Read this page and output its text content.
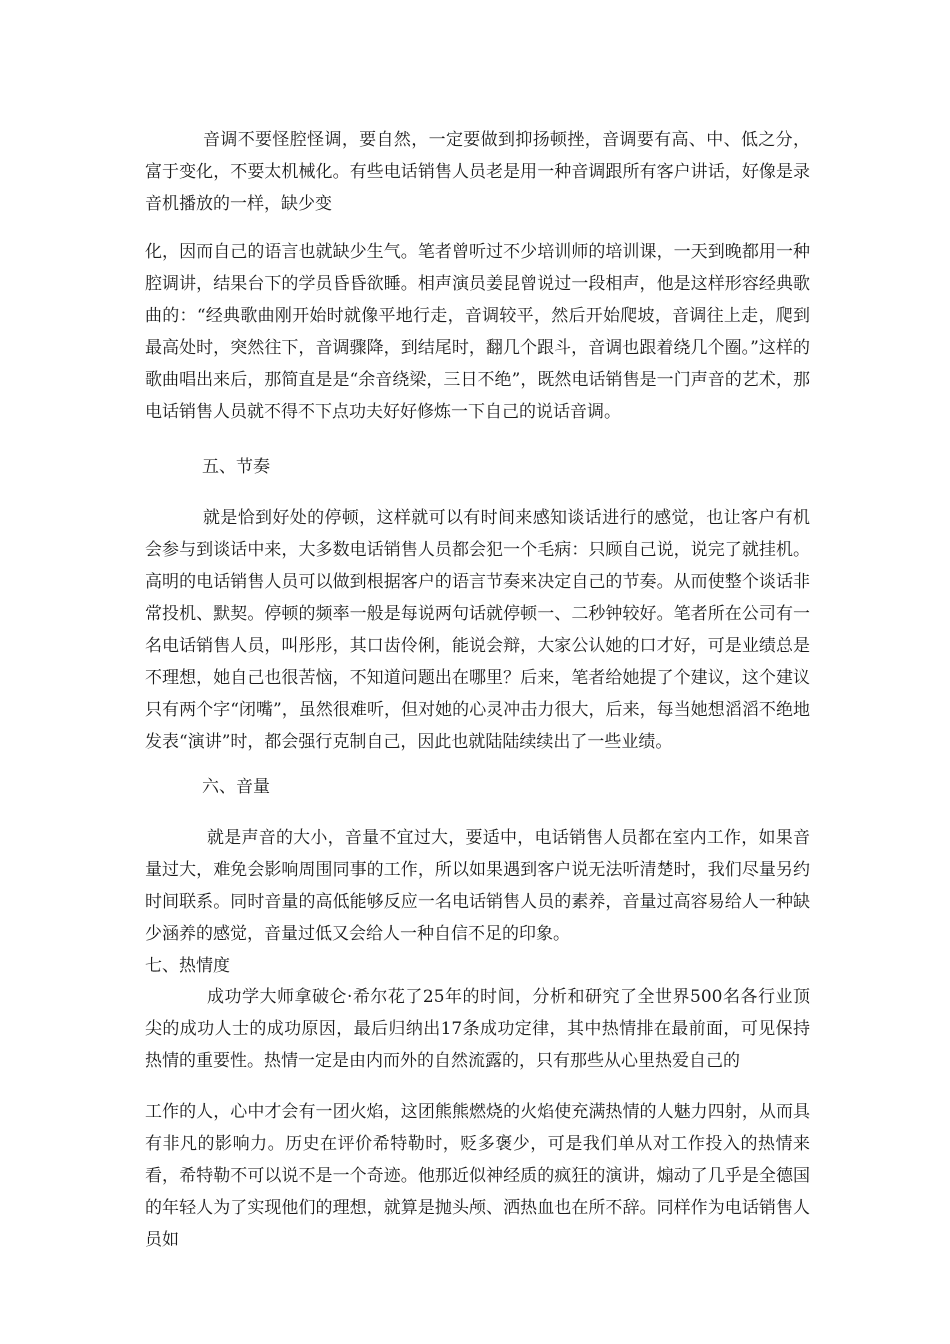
音调不要怪腔怪调，要自然，一定要做到抑扬顿挫，音调要有高、中、低之分，富于变化，不要太机械化。有些电话销售人员老是用一种音调跟所有客户讲话，好像是录音机播放的一样，缺少变

化，因而自己的语言也就缺少生气。笔者曾听过不少培训师的培训课，一天到晚都用一种腔调讲，结果台下的学员昏昏欲睡。相声演员姜昆曾说过一段相声，他是这样形容经典歌曲的：“经典歌曲刚开始时就像平地行走，音调较平，然后开始爬坡，音调往上走，爬到最高处时，突然往下，音调骤降，到结尾时，翻几个跟斗，音调也跟着绕几个圈。”这样的歌曲唱出来后，那简直是是“余音绕梁，三日不绝”，既然电话销售是一门声音的艺术，那电话销售人员就不得不下点功夫好好修炼一下自己的说话音调。

五、节奏

就是恰到好处的停顿，这样就可以有时间来感知谈话进行的感觉，也让客户有机会参与到谈话中来，大多数电话销售人员都会犯一个毛病：只顾自己说，说完了就挂机。高明的电话销售人员可以做到根据客户的语言节奏来决定自己的节奏。从而使整个谈话非常投机、默契。停顿的频率一般是每说两句话就停顿一、二秒钟较好。笔者所在公司有一名电话销售人员，叫彤彤，其口齿伶俐，能说会辩，大家公认她的口才好，可是业绩总是不理想，她自己也很苦恼，不知道问题出在哪里？后来，笔者给她提了个建议，这个建议只有两个字“闭嘴”，虽然很难听，但对她的心灵冲击力很大，后来，每当她想滔滔不绝地发表“演讲”时，都会强行克制自己，因此也就陆陆续续出了一些业绩。

六、音量

就是声音的大小，音量不宜过大，要适中，电话销售人员都在室内工作，如果音量过大，难免会影响周围同事的工作，所以如果遇到客户说无法听清楚时，我们尽量另约时间联系。同时音量的高低能够反应一名电话销售人员的素养，音量过高容易给人一种缺少涵养的感觉，音量过低又会给人一种自信不足的印象。

七、热情度

成功学大师拿破仑·希尔花了25年的时间，分析和研究了全世界500名各行业顶尖的成功人士的成功原因，最后归纳出17条成功定律，其中热情排在最前面，可见保持热情的重要性。热情一定是由内而外的自然流露的，只有那些从心里热爱自己的

工作的人，心中才会有一团火焰，这团熊熊燃烧的火焰使充满热情的人魅力四射，从而具有非凡的影响力。历史在评价希特勒时，贬多褒少，可是我们单从对工作投入的热情来看，希特勒不可以说不是一个奇迹。他那近似神经质的疯狂的演讲，煽动了几乎是全德国的年轻人为了实现他们的理想，就算是抛头颅、洒热血也在所不辞。同样作为电话销售人员如
